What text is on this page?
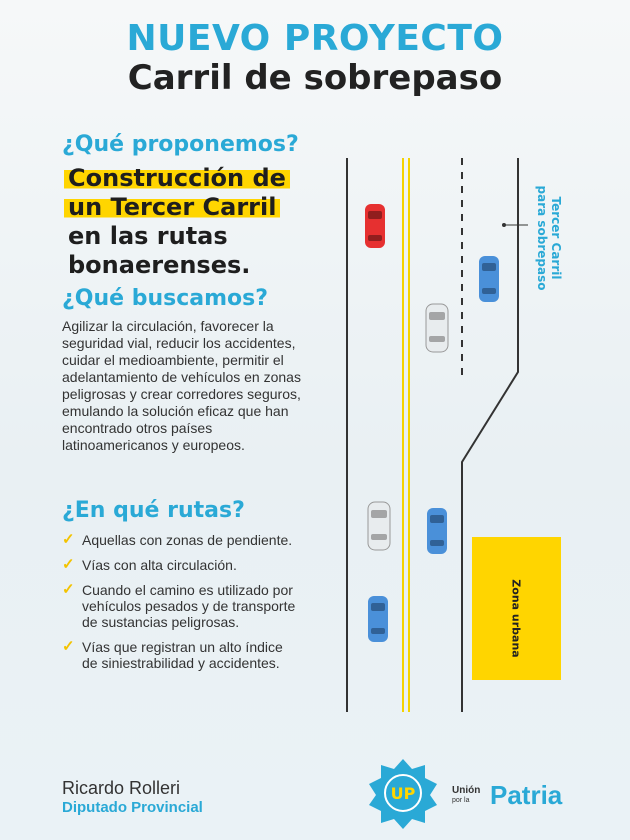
NUEVO PROYECTO
Carril de sobrepaso
¿Qué proponemos?
Construcción de
un Tercer Carril
en las rutas
bonaerenses.
¿Qué buscamos?
Agilizar la circulación, favorecer la seguridad vial, reducir los accidentes, cuidar el medioambiente, permitir el adelantamiento de vehículos en zonas peligrosas y crear corredores seguros, emulando la solución eficaz que han encontrado otros países latinoamericanos y europeos.
¿En qué rutas?
✓ Aquellas con zonas de pendiente.
✓ Vías con alta circulación.
✓ Cuando el camino es utilizado por vehículos pesados y de transporte de sustancias peligrosas.
✓ Vías que registran un alto índice de siniestrabilidad y accidentes.
Tercer Carril para sobrepaso
Zona urbana
Ricardo Rolleri
Diputado Provincial
UP	Unión
por la Patria
